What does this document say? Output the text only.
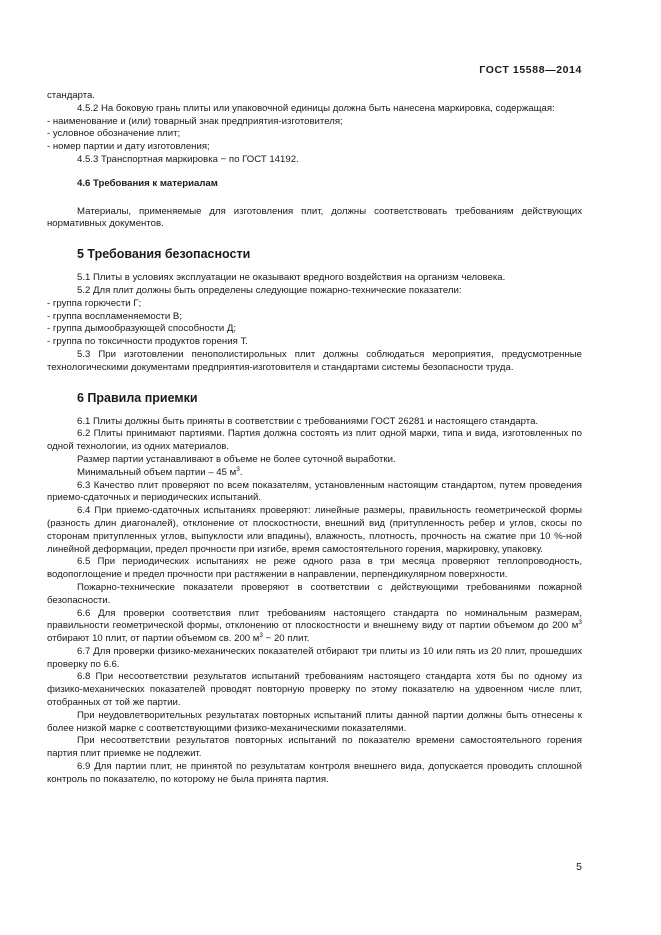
ГОСТ 15588—2014

стандарта.

4.5.2 На боковую грань плиты или упаковочной единицы должна быть нанесена маркировка, содержащая:

- наименование и (или) товарный знак предприятия-изготовителя;

- условное обозначение плит;

- номер партии и дату изготовления;

4.5.3 Транспортная маркировка − по ГОСТ 14192.

4.6 Требования к материалам

Материалы, применяемые для изготовления плит, должны соответствовать требованиям действующих нормативных документов.

5 Требования безопасности

5.1 Плиты в условиях эксплуатации не оказывают вредного воздействия на организм человека.

5.2 Для плит должны быть определены следующие пожарно-технические показатели:

- группа горючести Г;

- группа воспламеняемости В;

- группа дымообразующей способности Д;

- группа по токсичности продуктов горения Т.

5.3 При изготовлении пенополистирольных плит должны соблюдаться мероприятия, предусмотренные технологическими документами предприятия-изготовителя и стандартами системы безопасности труда.

6 Правила приемки

6.1 Плиты должны быть приняты в соответствии с требованиями ГОСТ 26281 и настоящего стандарта.

6.2 Плиты принимают партиями. Партия должна состоять из плит одной марки, типа и вида, изготовленных по одной технологии, из одних материалов.

Размер партии устанавливают в объеме не более суточной выработки.

Минимальный объем партии – 45 $м^3$.

6.3 Качество плит проверяют по всем показателям, установленным настоящим стандартом, путем проведения приемо-сдаточных и периодических испытаний.

6.4 При приемо-сдаточных испытаниях проверяют: линейные размеры, правильность геометрической формы (разность длин диагоналей), отклонение от плоскостности, внешний вид (притупленность ребер и углов, скосы по сторонам притупленных углов, выпуклости или впадины), влажность, плотность, прочность на сжатие при 10 %-ной линейной деформации, предел прочности при изгибе, время самостоятельного горения, маркировку, упаковку.

6.5 При периодических испытаниях не реже одного раза в три месяца проверяют теплопроводность, водопоглощение и предел прочности при растяжении в направлении, перпендикулярном поверхности.

Пожарно-технические показатели проверяют в соответствии с действующими требованиями пожарной безопасности.

6.6 Для проверки соответствия плит требованиям настоящего стандарта по номинальным размерам, правильности геометрической формы, отклонению от плоскостности и внешнему виду от партии объемом до 200 $м^3$ отбирают 10 плит, от партии объемом св. 200 $м^3 - 20$ плит.

6.7 Для проверки физико-механических показателей отбирают три плиты из 10 или пять из 20 плит, прошедших проверку по 6.6.

6.8 При несоответствии результатов испытаний требованиям настоящего стандарта хотя бы по одному из физико-механических показателей проводят повторную проверку по этому показателю на удвоенном числе плит, отобранных от той же партии.

При неудовлетворительных результатах повторных испытаний плиты данной партии должны быть отнесены к более низкой марке с соответствующими физико-механическими показателями.

При несоответствии результатов повторных испытаний по показателю времени самостоятельного горения партия плит приемке не подлежит.

6.9 Для партии плит, не принятой по результатам контроля внешнего вида, допускается проводить сплошной контроль по показателю, по которому не была принята партия.

5
